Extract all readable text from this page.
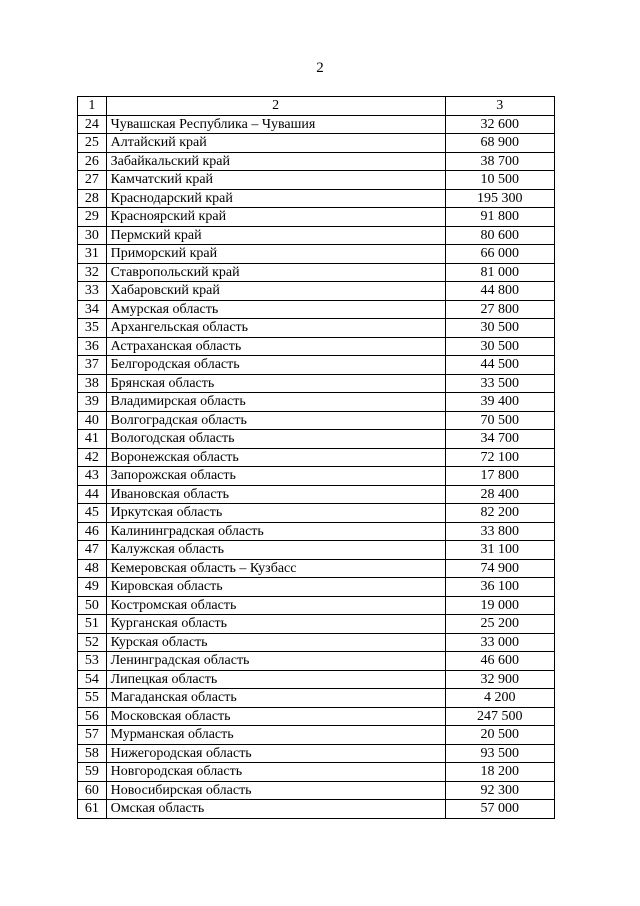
2
1	2	3
24	Чувашская Республика – Чувашия	32 600
25	Алтайский край	68 900
26	Забайкальский край	38 700
27	Камчатский край	10 500
28	Краснодарский край	195 300
29	Красноярский край	91 800
30	Пермский край	80 600
31	Приморский край	66 000
32	Ставропольский край	81 000
33	Хабаровский край	44 800
34	Амурская область	27 800
35	Архангельская область	30 500
36	Астраханская область	30 500
37	Белгородская область	44 500
38	Брянская область	33 500
39	Владимирская область	39 400
40	Волгоградская область	70 500
41	Вологодская область	34 700
42	Воронежская область	72 100
43	Запорожская область	17 800
44	Ивановская область	28 400
45	Иркутская область	82 200
46	Калининградская область	33 800
47	Калужская область	31 100
48	Кемеровская область – Кузбасс	74 900
49	Кировская область	36 100
50	Костромская область	19 000
51	Курганская область	25 200
52	Курская область	33 000
53	Ленинградская область	46 600
54	Липецкая область	32 900
55	Магаданская область	4 200
56	Московская область	247 500
57	Мурманская область	20 500
58	Нижегородская область	93 500
59	Новгородская область	18 200
60	Новосибирская область	92 300
61	Омская область	57 000
